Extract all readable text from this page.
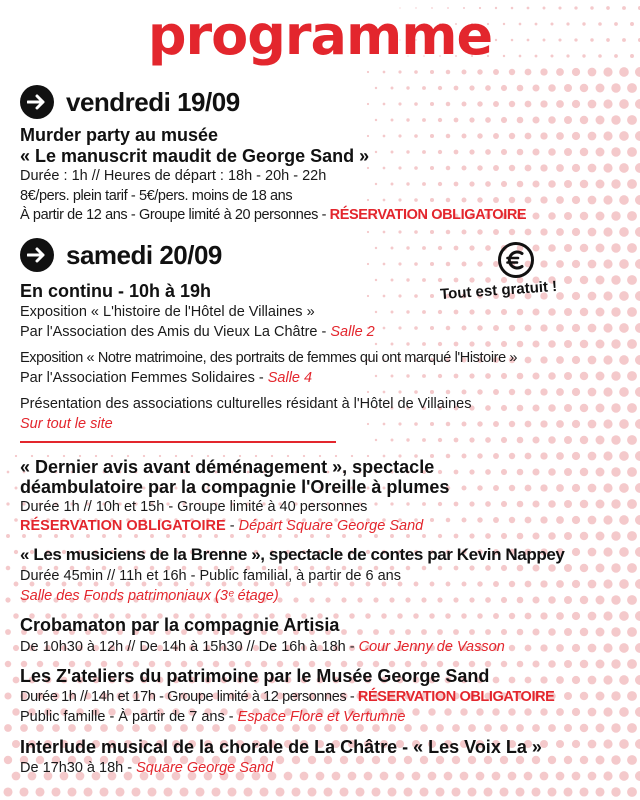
programme
vendredi 19/09
Murder party au musée
« Le manuscrit maudit de George Sand »
Durée : 1h // Heures de départ : 18h - 20h - 22h
8€/pers. plein tarif - 5€/pers. moins de 18 ans
À partir de 12 ans - Groupe limité à 20 personnes - RÉSERVATION OBLIGATOIRE
samedi 20/09
Tout est gratuit !
En continu - 10h à 19h
Exposition « L'histoire de l'Hôtel de Villaines »
Par l'Association des Amis du Vieux La Châtre - Salle 2
Exposition « Notre matrimoine, des portraits de femmes qui ont marqué l'Histoire »
Par l'Association Femmes Solidaires - Salle 4
Présentation des associations culturelles résidant à l'Hôtel de Villaines
Sur tout le site
« Dernier avis avant déménagement », spectacle
déambulatoire par la compagnie l'Oreille à plumes
Durée 1h // 10h et 15h - Groupe limité à 40 personnes
RÉSERVATION OBLIGATOIRE - Départ Square George Sand
« Les musiciens de la Brenne », spectacle de contes par Kevin Nappey
Durée 45min // 11h et 16h - Public familial, à partir de 6 ans
Salle des Fonds patrimoniaux (3ᵉ étage)
Crobamaton par la compagnie Artisia
De 10h30 à 12h // De 14h à 15h30 // De 16h à 18h - Cour Jenny de Vasson
Les Z'ateliers du patrimoine par le Musée George Sand
Durée 1h // 14h et 17h - Groupe limité à 12 personnes - RÉSERVATION OBLIGATOIRE
Public famille - À partir de 7 ans - Espace Flore et Vertumne
Interlude musical de la chorale de La Châtre - « Les Voix La »
De 17h30 à 18h - Square George Sand
